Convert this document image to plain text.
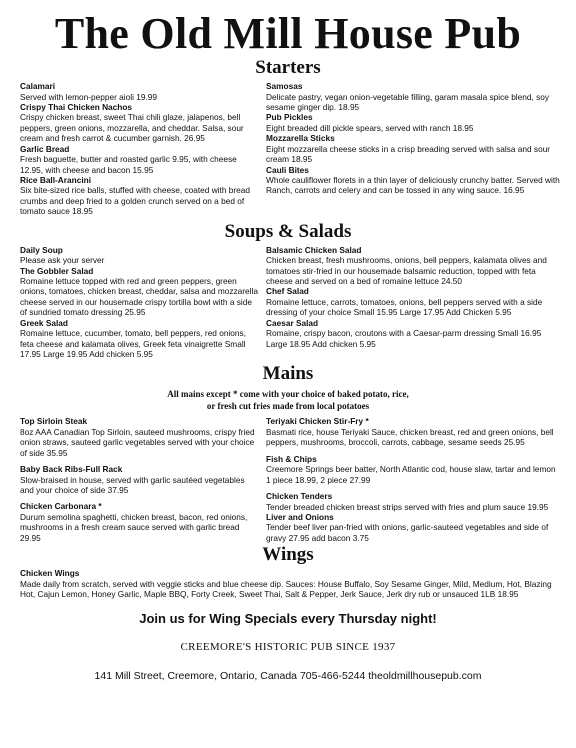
The Old Mill House Pub
Starters
Calamari
Served with lemon-pepper aioli 19.99
Crispy Thai Chicken Nachos
Crispy chicken breast, sweet Thai chili glaze, jalapenos, bell peppers, green onions, mozzarella, and cheddar. Salsa, sour cream and fresh carrot & cucumber garnish. 26.95
Garlic Bread
Fresh baguette, butter and roasted garlic 9.95, with cheese 12.95, with cheese and bacon 15.95
Rice Ball-Arancini
Six bite-sized rice balls, stuffed with cheese, coated with bread crumbs and deep fried to a golden crunch served on a bed of tomato sauce 18.95
Samosas
Delicate pastry, vegan onion-vegetable filling, garam masala spice blend, soy sesame ginger dip. 18.95
Pub Pickles
Eight breaded dill pickle spears, served with ranch 18.95
Mozzarella Sticks
Eight mozzarella cheese sticks in a crisp breading served with salsa and sour cream 18.95
Cauli Bites
Whole cauliflower florets in a thin layer of deliciously crunchy batter. Served with Ranch, carrots and celery and can be tossed in any wing sauce. 16.95
Soups & Salads
Daily Soup
Please ask your server
The Gobbler Salad
Romaine lettuce topped with red and green peppers, green onions, tomatoes, chicken breast, cheddar, salsa and mozzarella cheese served in our housemade crispy tortilla bowl with a side of sundried tomato dressing 25.95
Greek Salad
Romaine lettuce, cucumber, tomato, bell peppers, red onions, feta cheese and kalamata olives, Greek feta vinaigrette Small 17.95 Large 19.95 Add chicken 5.95
Balsamic Chicken Salad
Chicken breast, fresh mushrooms, onions, bell peppers, kalamata olives and tomatoes stir-fried in our housemade balsamic reduction, topped with feta cheese and served on a bed of romaine lettuce 24.50
Chef Salad
Romaine lettuce, carrots, tomatoes, onions, bell peppers served with a side dressing of your choice Small 15.95 Large 17.95 Add Chicken 5.95
Caesar Salad
Romaine, crispy bacon, croutons with a Caesar-parm dressing Small 16.95 Large 18.95 Add chicken 5.95
Mains
All mains except * come with your choice of baked potato, rice,
or fresh cut fries made from local potatoes
Top Sirloin Steak
8oz AAA Canadian Top Sirloin, sauteed mushrooms, crispy fried onion straws, sauteed garlic vegetables served with your choice of side 35.95
Baby Back Ribs-Full Rack
Slow-braised in house, served with garlic sautéed vegetables and your choice of side 37.95
Chicken Carbonara *
Durum semolina spaghetti, chicken breast, bacon, red onions, mushrooms in a fresh cream sauce served with garlic bread 29.95
Teriyaki Chicken Stir-Fry *
Basmati rice, house Teriyaki Sauce, chicken breast, red and green onions, bell peppers, mushrooms, broccoli, carrots, cabbage, sesame seeds 25.95
Fish & Chips
Creemore Springs beer batter, North Atlantic cod, house slaw, tartar and lemon 1 piece 18.99, 2 piece 27.99
Chicken Tenders
Tender breaded chicken breast strips served with fries and plum sauce 19.95
Liver and Onions
Tender beef liver pan-fried with onions, garlic-sauteed vegetables and side of gravy 27.95 add bacon 3.75
Wings
Chicken Wings
Made daily from scratch, served with veggie sticks and blue cheese dip. Sauces: House Buffalo, Soy Sesame Ginger, Mild, Medium, Hot, Blazing Hot, Cajun Lemon, Honey Garlic, Maple BBQ, Forty Creek, Sweet Thai, Salt & Pepper, Jerk Sauce, Jerk dry rub or unsauced 1LB 18.95
Join us for Wing Specials every Thursday night!
CREEMORE'S HISTORIC PUB SINCE 1937
141 Mill Street, Creemore, Ontario, Canada 705-466-5244 theoldmillhousepub.com
